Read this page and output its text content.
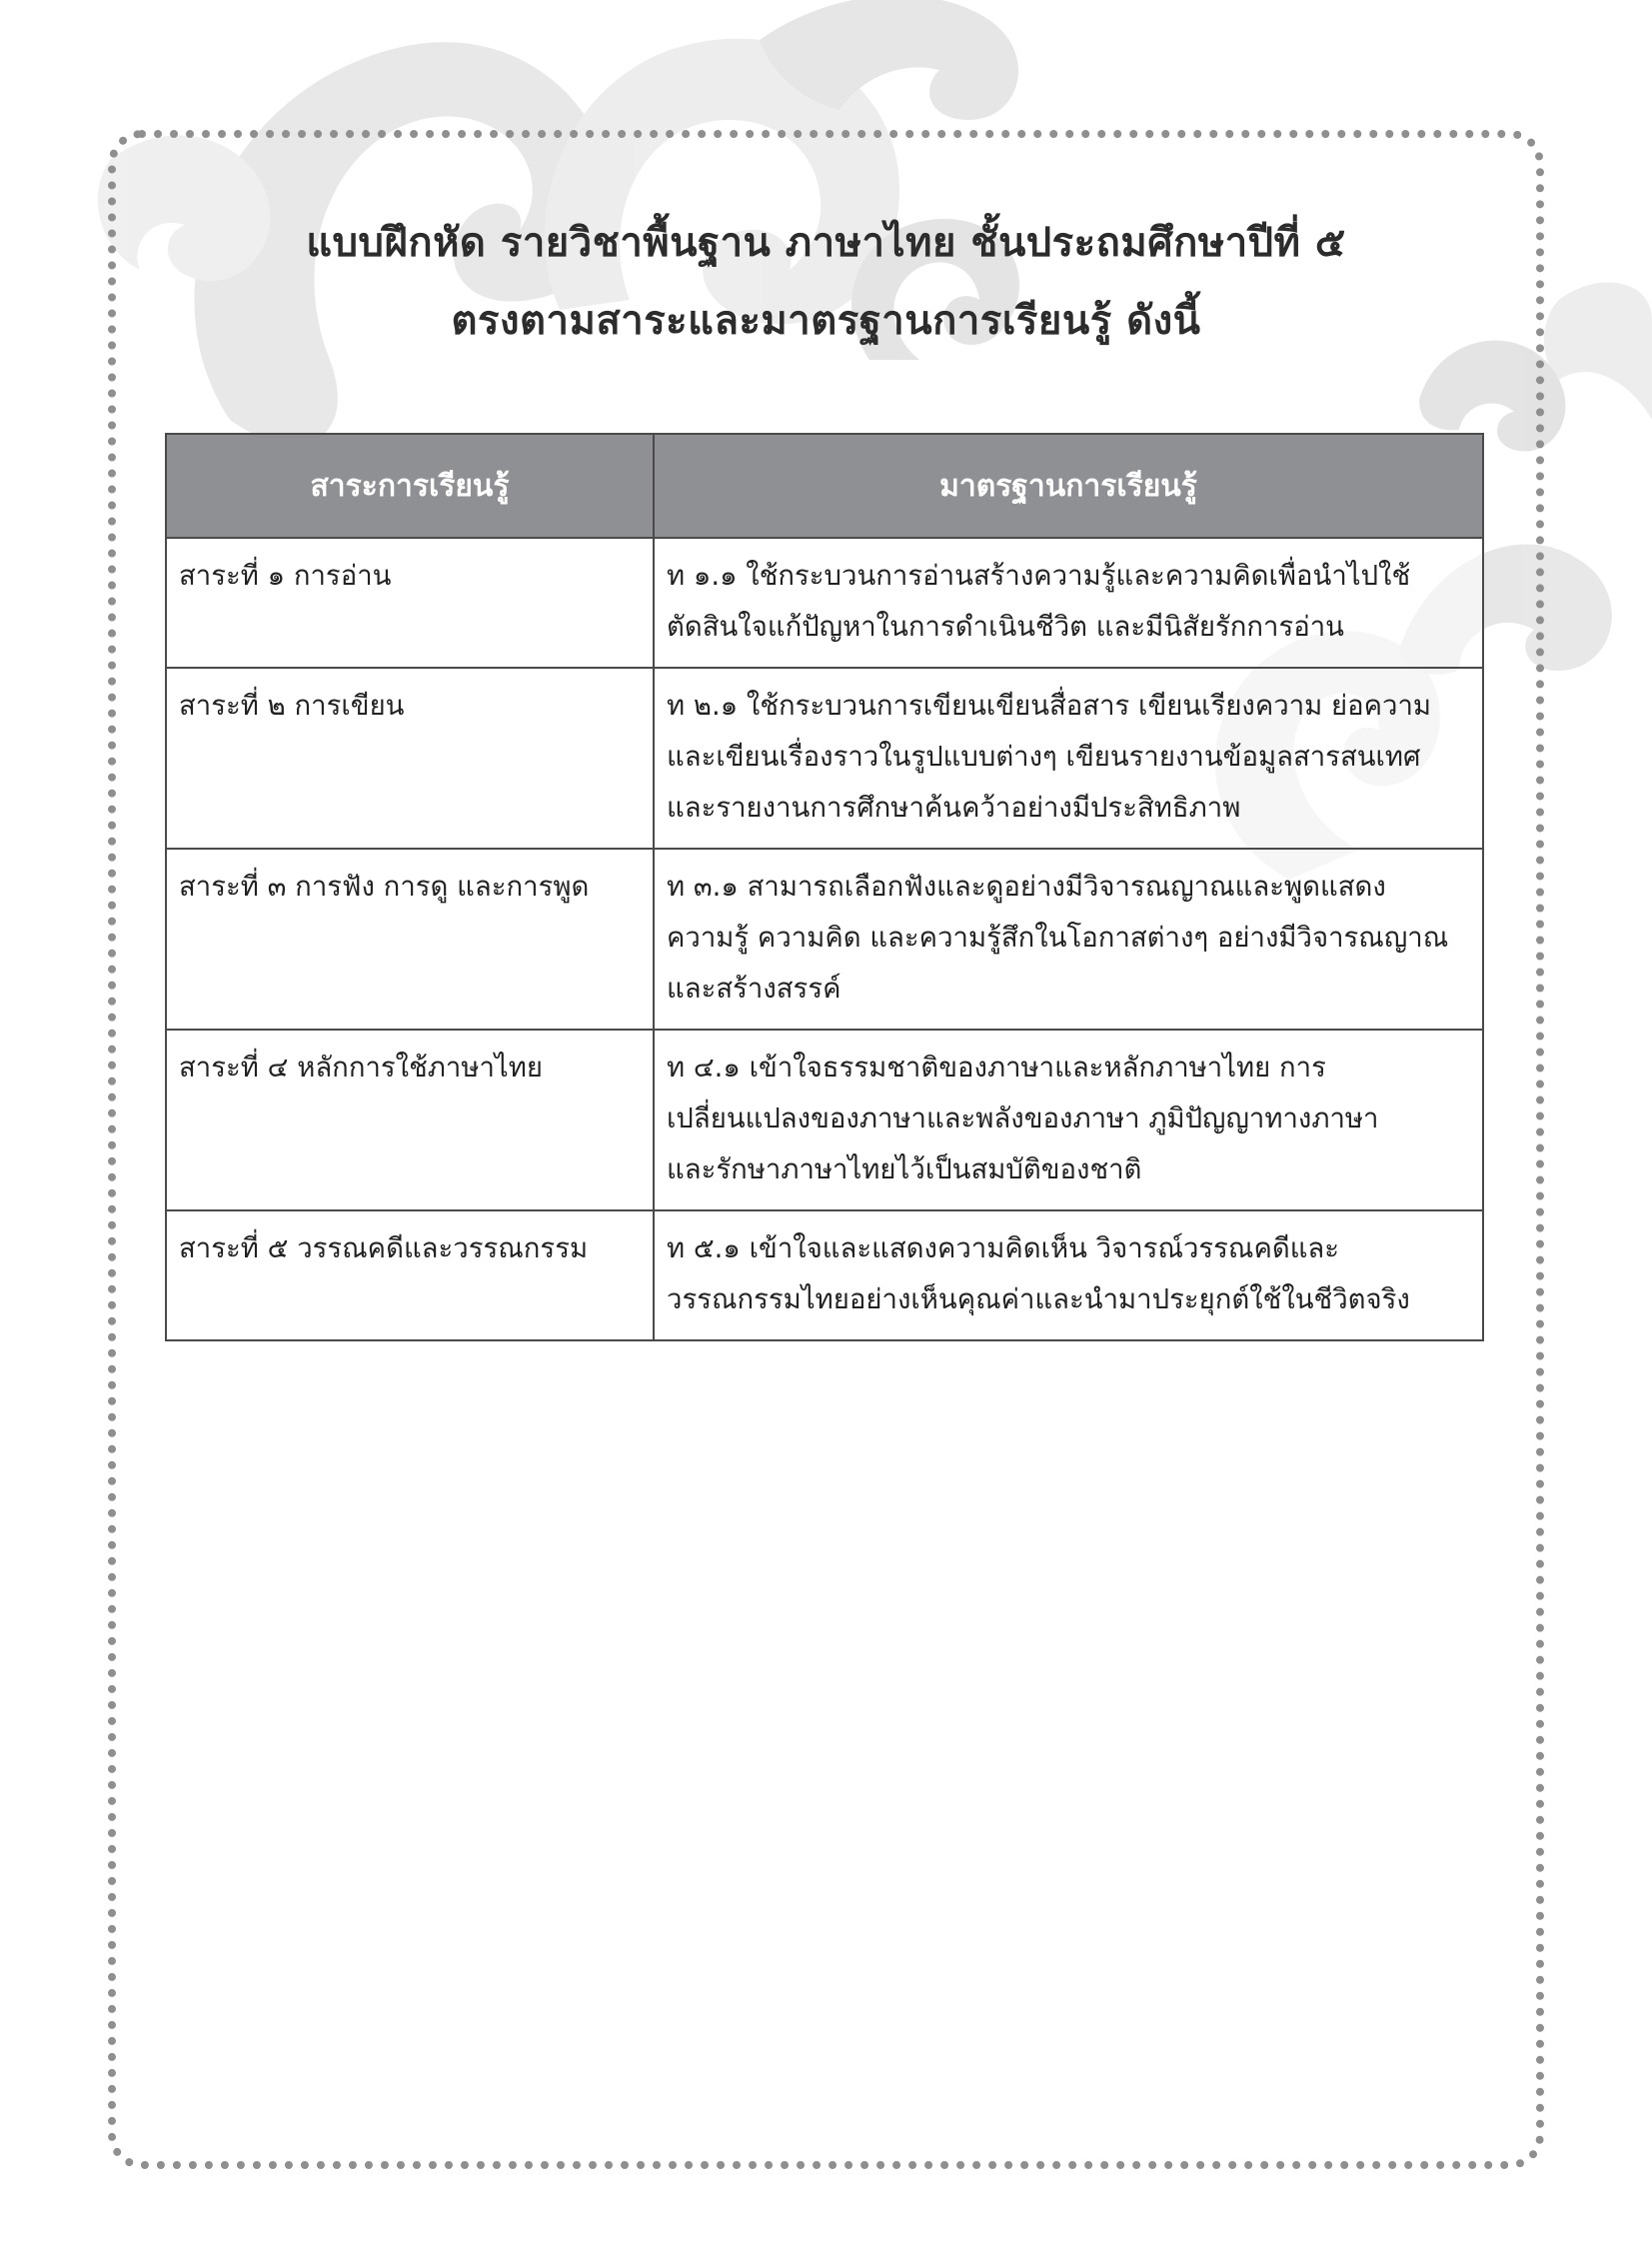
แบบฝึกหัด รายวิชาพื้นฐาน ภาษาไทย ชั้นประถมศึกษาปีที่ ๕
ตรงตามสาระและมาตรฐานการเรียนรู้ ดังนี้
สาระการเรียนรู้	มาตรฐานการเรียนรู้
สาระที่ ๑ การอ่าน	ท ๑.๑ ใช้กระบวนการอ่านสร้างความรู้และความคิดเพื่อนำไปใช้
ตัดสินใจแก้ปัญหาในการดำเนินชีวิต และมีนิสัยรักการอ่าน

สาระที่ ๒ การเขียน	ท ๒.๑ ใช้กระบวนการเขียนเขียนสื่อสาร เขียนเรียงความ ย่อความ
และเขียนเรื่องราวในรูปแบบต่างๆ เขียนรายงานข้อมูลสารสนเทศ
และรายงานการศึกษาค้นคว้าอย่างมีประสิทธิภาพ

สาระที่ ๓ การฟัง การดู และการพูด	ท ๓.๑ สามารถเลือกฟังและดูอย่างมีวิจารณญาณและพูดแสดง
ความรู้ ความคิด และความรู้สึกในโอกาสต่างๆ อย่างมีวิจารณญาณ
และสร้างสรรค์

สาระที่ ๔ หลักการใช้ภาษาไทย	ท ๔.๑ เข้าใจธรรมชาติของภาษาและหลักภาษาไทย การ
เปลี่ยนแปลงของภาษาและพลังของภาษา ภูมิปัญญาทางภาษา
และรักษาภาษาไทยไว้เป็นสมบัติของชาติ

สาระที่ ๕ วรรณคดีและวรรณกรรม	ท ๕.๑ เข้าใจและแสดงความคิดเห็น วิจารณ์วรรณคดีและ
วรรณกรรมไทยอย่างเห็นคุณค่าและนำมาประยุกต์ใช้ในชีวิตจริง
